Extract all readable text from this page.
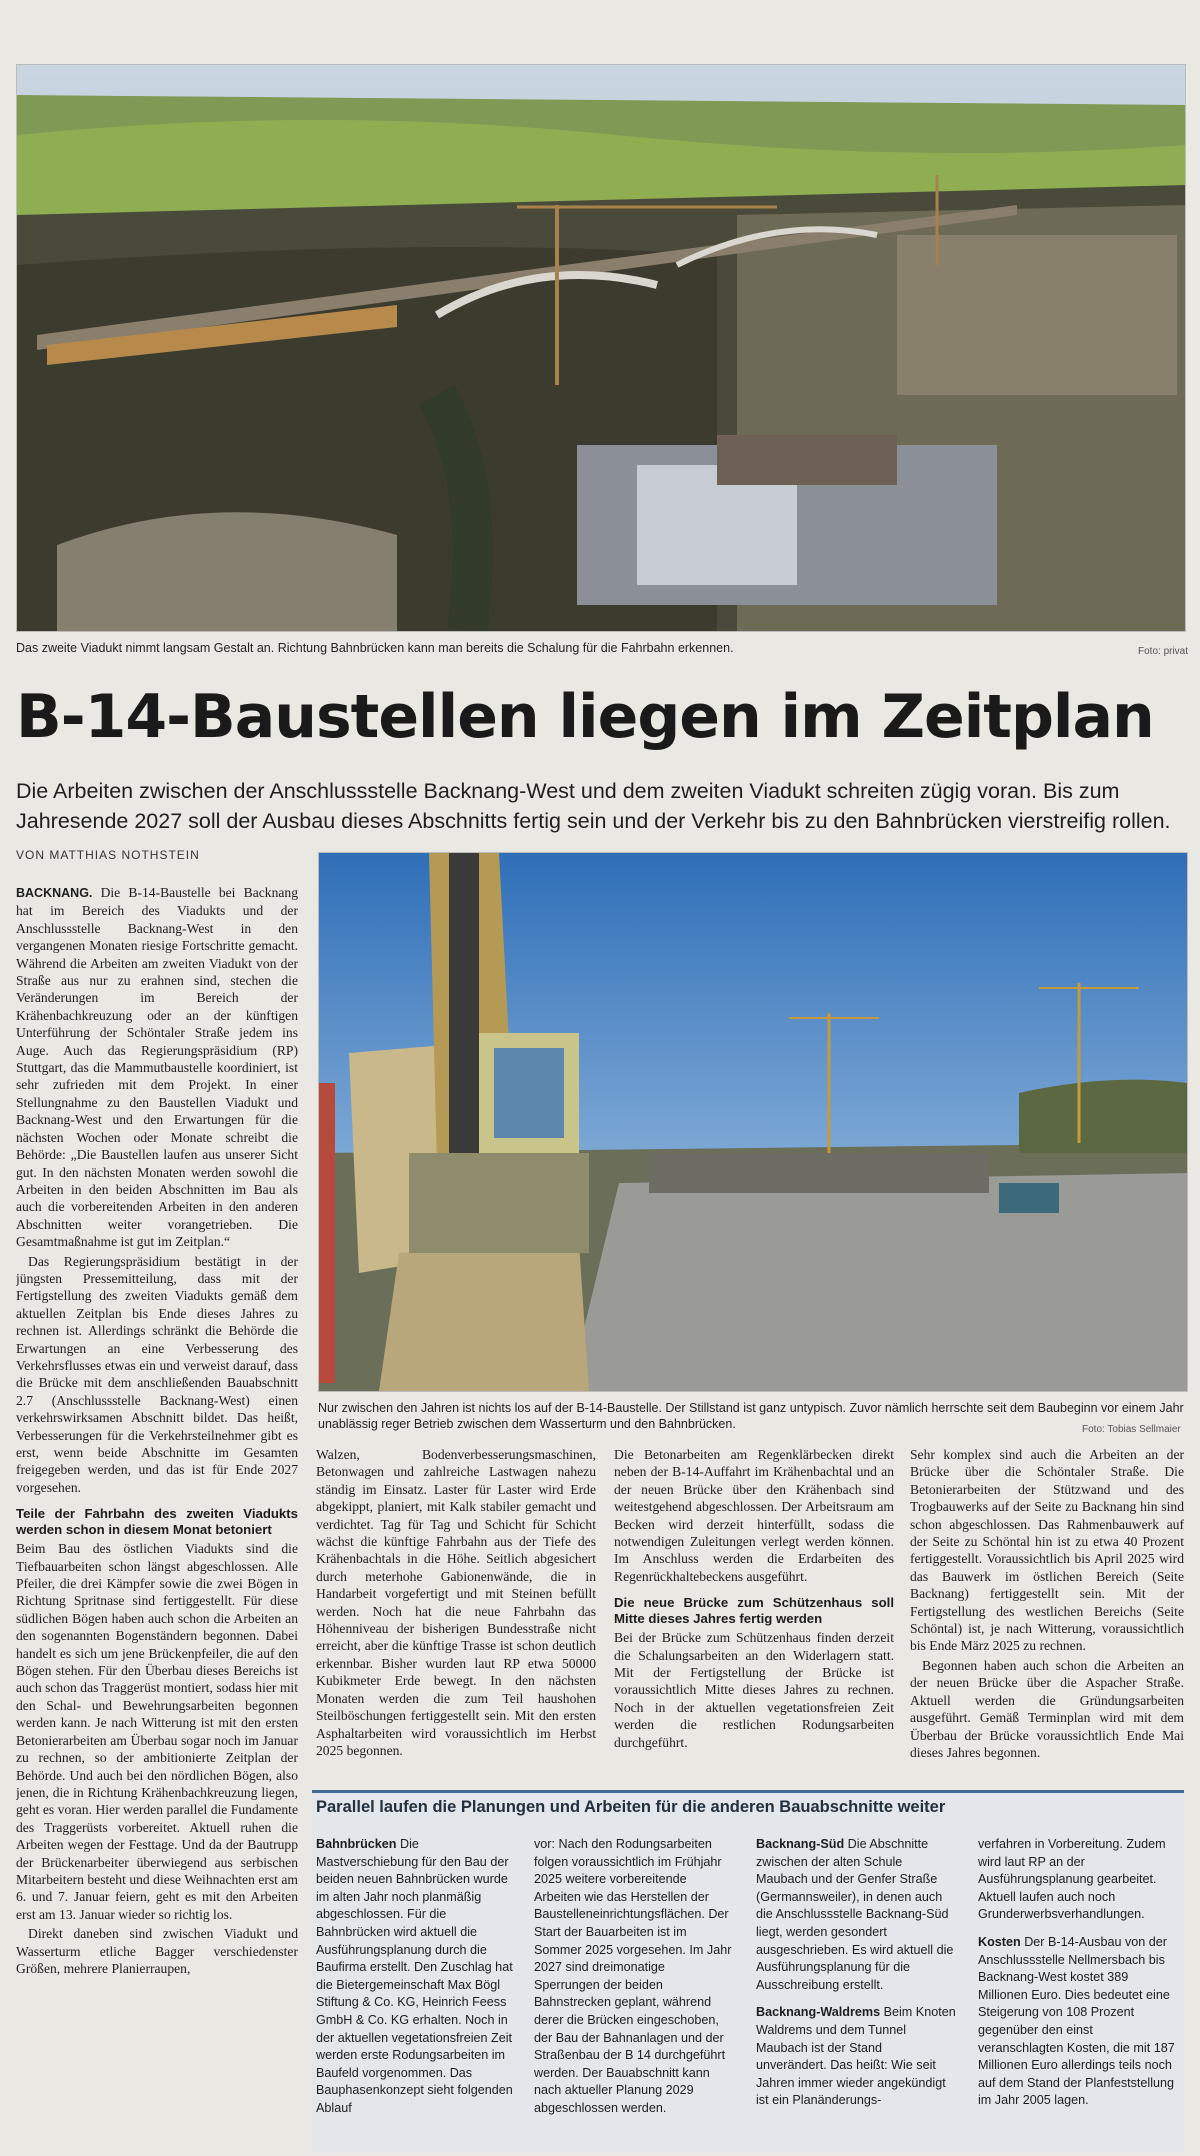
Das zweite Viadukt nimmt langsam Gestalt an. Richtung Bahnbrücken kann man bereits die Schalung für die Fahrbahn erkennen.	Foto: privat
B-14-Baustellen liegen im Zeitplan
Die Arbeiten zwischen der Anschlussstelle Backnang-West und dem zweiten Viadukt schreiten zügig voran. Bis zum Jahresende 2027 soll der Ausbau dieses Abschnitts fertig sein und der Verkehr bis zu den Bahnbrücken vierstreifig rollen.
VON MATTHIAS NOTHSTEIN
Nur zwischen den Jahren ist nichts los auf der B-14-Baustelle. Der Stillstand ist ganz untypisch. Zuvor nämlich herrschte seit dem Baubeginn vor einem Jahr unablässig reger Betrieb zwischen dem Wasserturm und den Bahnbrücken.	Foto: Tobias Sellmaier

BACKNANG. Die B-14-Baustelle bei Backnang hat im Bereich des Viadukts und der Anschlussstelle Backnang-West in den vergangenen Monaten riesige Fortschritte gemacht. Während die Arbeiten am zweiten Viadukt von der Straße aus nur zu erahnen sind, stechen die Veränderungen im Bereich der Krähenbachkreuzung oder an der künftigen Unterführung der Schöntaler Straße jedem ins Auge. Auch das Regierungspräsidium (RP) Stuttgart, das die Mammutbaustelle koordiniert, ist sehr zufrieden mit dem Projekt. In einer Stellungnahme zu den Baustellen Viadukt und Backnang-West und den Erwartungen für die nächsten Wochen oder Monate schreibt die Behörde: „Die Baustellen laufen aus unserer Sicht gut. In den nächsten Monaten werden sowohl die Arbeiten in den beiden Abschnitten im Bau als auch die vorbereitenden Arbeiten in den anderen Abschnitten weiter vorangetrieben. Die Gesamtmaßnahme ist gut im Zeitplan.“

Das Regierungspräsidium bestätigt in der jüngsten Pressemitteilung, dass mit der Fertigstellung des zweiten Viadukts gemäß dem aktuellen Zeitplan bis Ende dieses Jahres zu rechnen ist. Allerdings schränkt die Behörde die Erwartungen an eine Verbesserung des Verkehrsflusses etwas ein und verweist darauf, dass die Brücke mit dem anschließenden Bauabschnitt 2.7 (Anschlussstelle Backnang-West) einen verkehrswirksamen Abschnitt bildet. Das heißt, Verbesserungen für die Verkehrsteilnehmer gibt es erst, wenn beide Abschnitte im Gesamten freigegeben werden, und das ist für Ende 2027 vorgesehen.

Teile der Fahrbahn des zweiten Viadukts werden schon in diesem Monat betoniert

Beim Bau des östlichen Viadukts sind die Tiefbauarbeiten schon längst abgeschlossen. Alle Pfeiler, die drei Kämpfer sowie die zwei Bögen in Richtung Spritnase sind fertiggestellt. Für diese südlichen Bögen haben auch schon die Arbeiten an den sogenannten Bogenständern begonnen. Dabei handelt es sich um jene Brückenpfeiler, die auf den Bögen stehen. Für den Überbau dieses Bereichs ist auch schon das Traggerüst montiert, sodass hier mit den Schal- und Bewehrungsarbeiten begonnen werden kann. Je nach Witterung ist mit den ersten Betonierarbeiten am Überbau sogar noch im Januar zu rechnen, so der ambitionierte Zeitplan der Behörde. Und auch bei den nördlichen Bögen, also jenen, die in Richtung Krähenbachkreuzung liegen, geht es voran. Hier werden parallel die Fundamente des Traggerüsts vorbereitet. Aktuell ruhen die Arbeiten wegen der Festtage. Und da der Bautrupp der Brückenarbeiter überwiegend aus serbischen Mitarbeitern besteht und diese Weihnachten erst am 6. und 7. Januar feiern, geht es mit den Arbeiten erst am 13. Januar wieder so richtig los.

Direkt daneben sind zwischen Viadukt und Wasserturm etliche Bagger verschiedenster Größen, mehrere Planierraupen,

Walzen, Bodenverbesserungsmaschinen, Betonwagen und zahlreiche Lastwagen nahezu ständig im Einsatz. Laster für Laster wird Erde abgekippt, planiert, mit Kalk stabiler gemacht und verdichtet. Tag für Tag und Schicht für Schicht wächst die künftige Fahrbahn aus der Tiefe des Krähenbachtals in die Höhe. Seitlich abgesichert durch meterhohe Gabionenwände, die in Handarbeit vorgefertigt und mit Steinen befüllt werden. Noch hat die neue Fahrbahn das Höhenniveau der bisherigen Bundesstraße nicht erreicht, aber die künftige Trasse ist schon deutlich erkennbar. Bisher wurden laut RP etwa 50000 Kubikmeter Erde bewegt. In den nächsten Monaten werden die zum Teil haushohen Steilböschungen fertiggestellt sein. Mit den ersten Asphaltarbeiten wird voraussichtlich im Herbst 2025 begonnen.

Die Betonarbeiten am Regenklärbecken direkt neben der B-14-Auffahrt im Krähenbachtal und an der neuen Brücke über den Krähenbach sind weitestgehend abgeschlossen. Der Arbeitsraum am Becken wird derzeit hinterfüllt, sodass die notwendigen Zuleitungen verlegt werden können. Im Anschluss werden die Erdarbeiten des Regenrückhaltebeckens ausgeführt.

Die neue Brücke zum Schützenhaus soll Mitte dieses Jahres fertig werden

Bei der Brücke zum Schützenhaus finden derzeit die Schalungsarbeiten an den Widerlagern statt. Mit der Fertigstellung der Brücke ist voraussichtlich Mitte dieses Jahres zu rechnen. Noch in der aktuellen vegetationsfreien Zeit werden die restlichen Rodungsarbeiten durchgeführt.

Sehr komplex sind auch die Arbeiten an der Brücke über die Schöntaler Straße. Die Betonierarbeiten der Stützwand und des Trogbauwerks auf der Seite zu Backnang hin sind schon abgeschlossen. Das Rahmenbauwerk auf der Seite zu Schöntal hin ist zu etwa 40 Prozent fertiggestellt. Voraussichtlich bis April 2025 wird das Bauwerk im östlichen Bereich (Seite Backnang) fertiggestellt sein. Mit der Fertigstellung des westlichen Bereichs (Seite Schöntal) ist, je nach Witterung, voraussichtlich bis Ende März 2025 zu rechnen.

Begonnen haben auch schon die Arbeiten an der neuen Brücke über die Aspacher Straße. Aktuell werden die Gründungsarbeiten ausgeführt. Gemäß Terminplan wird mit dem Überbau der Brücke voraussichtlich Ende Mai dieses Jahres begonnen.

Parallel laufen die Planungen und Arbeiten für die anderen Bauabschnitte weiter

Bahnbrücken Die Mastverschiebung für den Bau der beiden neuen Bahnbrücken wurde im alten Jahr noch planmäßig abgeschlossen. Für die Bahnbrücken wird aktuell die Ausführungsplanung durch die Baufirma erstellt. Den Zuschlag hat die Bietergemeinschaft Max Bögl Stiftung & Co. KG, Heinrich Feess GmbH & Co. KG erhalten. Noch in der aktuellen vegetationsfreien Zeit werden erste Rodungsarbeiten im Baufeld vorgenommen. Das Bauphasenkonzept sieht folgenden Ablauf

vor: Nach den Rodungsarbeiten folgen voraussichtlich im Frühjahr 2025 weitere vorbereitende Arbeiten wie das Herstellen der Baustelleneinrichtungsflächen. Der Start der Bauarbeiten ist im Sommer 2025 vorgesehen. Im Jahr 2027 sind dreimonatige Sperrungen der beiden Bahnstrecken geplant, während derer die Brücken eingeschoben, der Bau der Bahnanlagen und der Straßenbau der B 14 durchgeführt werden. Der Bauabschnitt kann nach aktueller Planung 2029 abgeschlossen werden.

Backnang-Süd Die Abschnitte zwischen der alten Schule Maubach und der Genfer Straße (Germannsweiler), in denen auch die Anschlussstelle Backnang-Süd liegt, werden gesondert ausgeschrieben. Es wird aktuell die Ausführungsplanung für die Ausschreibung erstellt.

Backnang-Waldrems Beim Knoten Waldrems und dem Tunnel Maubach ist der Stand unverändert. Das heißt: Wie seit Jahren immer wieder angekündigt ist ein Planänderungs-

verfahren in Vorbereitung. Zudem wird laut RP an der Ausführungsplanung gearbeitet. Aktuell laufen auch noch Grunderwerbsverhandlungen.

Kosten Der B-14-Ausbau von der Anschlussstelle Nellmersbach bis Backnang-West kostet 389 Millionen Euro. Dies bedeutet eine Steigerung von 108 Prozent gegenüber den einst veranschlagten Kosten, die mit 187 Millionen Euro allerdings teils noch auf dem Stand der Planfeststellung im Jahr 2005 lagen.
